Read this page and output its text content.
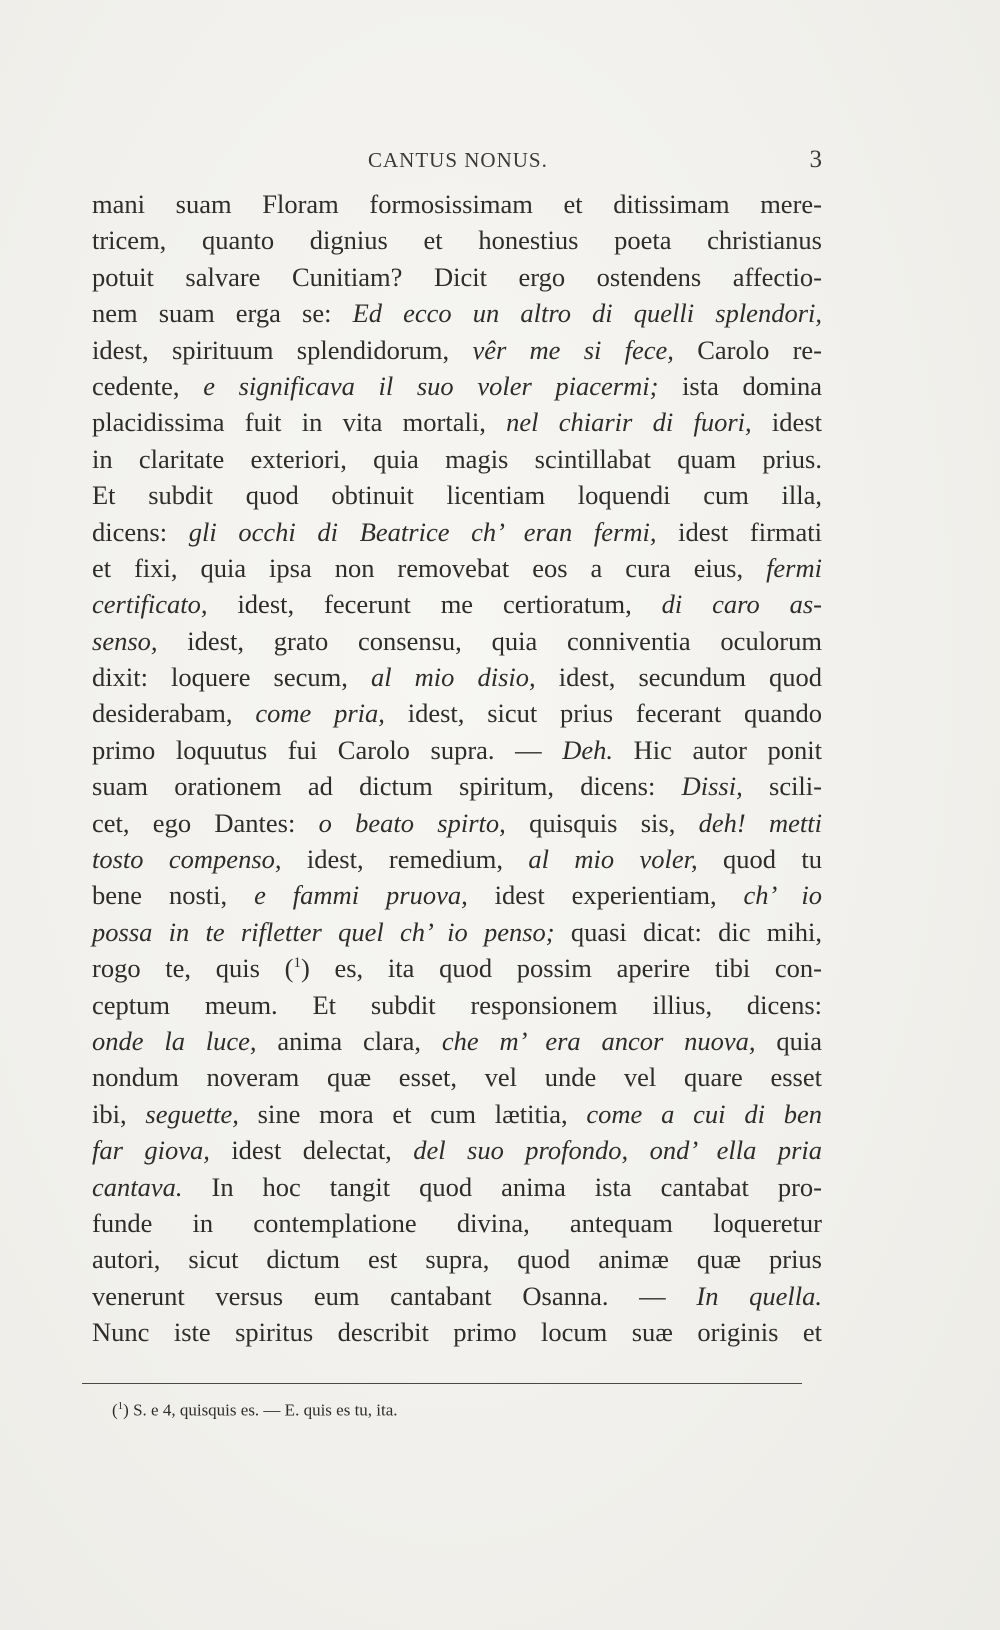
CANTUS NONUS.	3
mani suam Floram formosissimam et ditissimam mere-
tricem, quanto dignius et honestius poeta christianus
potuit salvare Cunitiam? Dicit ergo ostendens affectio-
nem suam erga se: Ed ecco un altro di quelli splendori,
idest, spirituum splendidorum, vêr me si fece, Carolo re-
cedente, e significava il suo voler piacermi; ista domina
placidissima fuit in vita mortali, nel chiarir di fuori, idest
in claritate exteriori, quia magis scintillabat quam prius.
Et subdit quod obtinuit licentiam loquendi cum illa,
dicens: gli occhi di Beatrice ch’ eran fermi, idest firmati
et fixi, quia ipsa non removebat eos a cura eius, fermi
certificato, idest, fecerunt me certioratum, di caro as-
senso, idest, grato consensu, quia conniventia oculorum
dixit: loquere secum, al mio disio, idest, secundum quod
desiderabam, come pria, idest, sicut prius fecerant quando
primo loquutus fui Carolo supra. — Deh. Hic autor ponit
suam orationem ad dictum spiritum, dicens: Dissi, scili-
cet, ego Dantes: o beato spirto, quisquis sis, deh! metti
tosto compenso, idest, remedium, al mio voler, quod tu
bene nosti, e fammi pruova, idest experientiam, ch’ io
possa in te rifletter quel ch’ io penso; quasi dicat: dic mihi,
rogo te, quis ($^1$) es, ita quod possim aperire tibi con-
ceptum meum. Et subdit responsionem illius, dicens:
onde la luce, anima clara, che m’ era ancor nuova, quia
nondum noveram quæ esset, vel unde vel quare esset
ibi, seguette, sine mora et cum lætitia, come a cui di ben
far giova, idest delectat, del suo profondo, ond’ ella pria
cantava. In hoc tangit quod anima ista cantabat pro-
funde in contemplatione divina, antequam loqueretur
autori, sicut dictum est supra, quod animæ quæ prius
venerunt versus eum cantabant Osanna. — In quella.
Nunc iste spiritus describit primo locum suæ originis et
($^1$) S. e 4, quisquis es. — E. quis es tu, ita.
